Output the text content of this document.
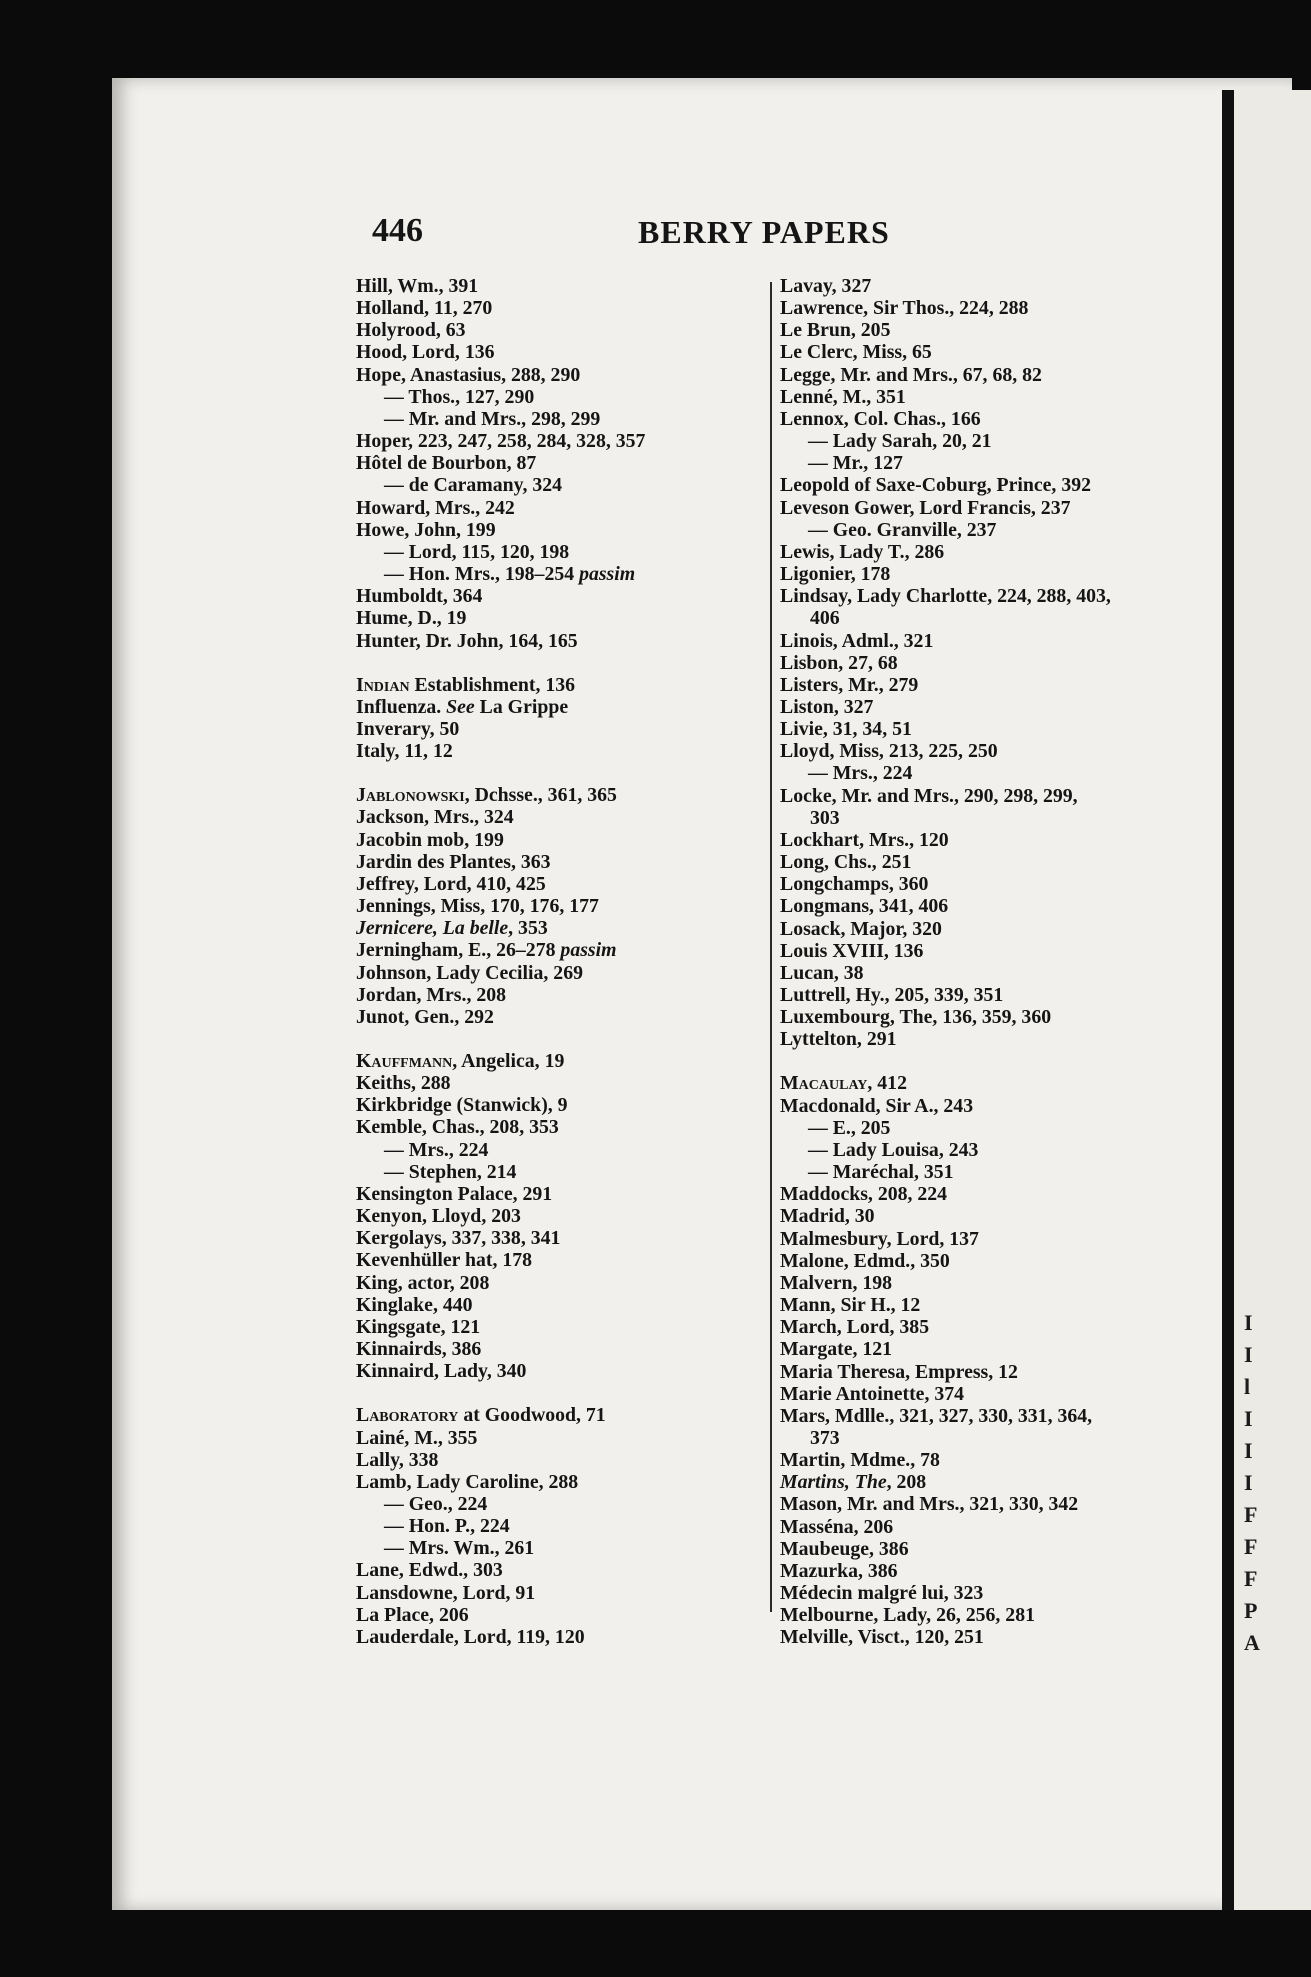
I
I
l
I
I
I
F
F
F
P
A
446	BERRY PAPERS
Hill, Wm., 391
Holland, 11, 270
Holyrood, 63
Hood, Lord, 136
Hope, Anastasius, 288, 290
— Thos., 127, 290
— Mr. and Mrs., 298, 299
Hoper, 223, 247, 258, 284, 328, 357
Hôtel de Bourbon, 87
— de Caramany, 324
Howard, Mrs., 242
Howe, John, 199
— Lord, 115, 120, 198
— Hon. Mrs., 198–254 passim
Humboldt, 364
Hume, D., 19
Hunter, Dr. John, 164, 165
Indian Establishment, 136
Influenza. See La Grippe
Inverary, 50
Italy, 11, 12
Jablonowski, Dchsse., 361, 365
Jackson, Mrs., 324
Jacobin mob, 199
Jardin des Plantes, 363
Jeffrey, Lord, 410, 425
Jennings, Miss, 170, 176, 177
Jernicere, La belle, 353
Jerningham, E., 26–278 passim
Johnson, Lady Cecilia, 269
Jordan, Mrs., 208
Junot, Gen., 292
Kauffmann, Angelica, 19
Keiths, 288
Kirkbridge (Stanwick), 9
Kemble, Chas., 208, 353
— Mrs., 224
— Stephen, 214
Kensington Palace, 291
Kenyon, Lloyd, 203
Kergolays, 337, 338, 341
Kevenhüller hat, 178
King, actor, 208
Kinglake, 440
Kingsgate, 121
Kinnairds, 386
Kinnaird, Lady, 340
Laboratory at Goodwood, 71
Lainé, M., 355
Lally, 338
Lamb, Lady Caroline, 288
— Geo., 224
— Hon. P., 224
— Mrs. Wm., 261
Lane, Edwd., 303
Lansdowne, Lord, 91
La Place, 206
Lauderdale, Lord, 119, 120
Lavay, 327
Lawrence, Sir Thos., 224, 288
Le Brun, 205
Le Clerc, Miss, 65
Legge, Mr. and Mrs., 67, 68, 82
Lenné, M., 351
Lennox, Col. Chas., 166
— Lady Sarah, 20, 21
— Mr., 127
Leopold of Saxe-Coburg, Prince, 392
Leveson Gower, Lord Francis, 237
— Geo. Granville, 237
Lewis, Lady T., 286
Ligonier, 178
Lindsay, Lady Charlotte, 224, 288, 403,
406
Linois, Adml., 321
Lisbon, 27, 68
Listers, Mr., 279
Liston, 327
Livie, 31, 34, 51
Lloyd, Miss, 213, 225, 250
— Mrs., 224
Locke, Mr. and Mrs., 290, 298, 299,
303
Lockhart, Mrs., 120
Long, Chs., 251
Longchamps, 360
Longmans, 341, 406
Losack, Major, 320
Louis XVIII, 136
Lucan, 38
Luttrell, Hy., 205, 339, 351
Luxembourg, The, 136, 359, 360
Lyttelton, 291
Macaulay, 412
Macdonald, Sir A., 243
— E., 205
— Lady Louisa, 243
— Maréchal, 351
Maddocks, 208, 224
Madrid, 30
Malmesbury, Lord, 137
Malone, Edmd., 350
Malvern, 198
Mann, Sir H., 12
March, Lord, 385
Margate, 121
Maria Theresa, Empress, 12
Marie Antoinette, 374
Mars, Mdlle., 321, 327, 330, 331, 364,
373
Martin, Mdme., 78
Martins, The, 208
Mason, Mr. and Mrs., 321, 330, 342
Masséna, 206
Maubeuge, 386
Mazurka, 386
Médecin malgré lui, 323
Melbourne, Lady, 26, 256, 281
Melville, Visct., 120, 251
